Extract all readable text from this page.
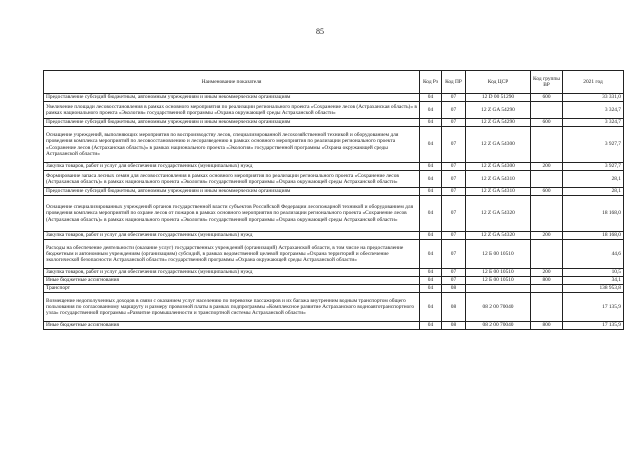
85
Наименование показателя	Код Рз	Код ПР	Код ЦСР	Код группы ВР	2021 год
Предоставление субсидий бюджетным, автономным учреждениям и иным некоммерческим организациям	04	07	12 D 00 51290	600	33 331,0
Увеличение площади лесовосстановления в рамках основного мероприятия по реализации регионального проекта «Сохранение лесов (Астраханская область)» в рамках национального проекта «Экология» государственной программы «Охрана окружающей среды Астраханской области»	04	07	12 Z GA 54290		3 324,7
Предоставление субсидий бюджетным, автономным учреждениям и иным некоммерческим организациям	04	07	12 Z GA 54290	600	3 324,7
Оснащение учреждений, выполняющих мероприятия по воспроизводству лесов, специализированной лесохозяйственной техникой и оборудованием для проведения комплекса мероприятий по лесовосстановлению и лесоразведению в рамках основного мероприятия по реализации регионального проекта «Сохранение лесов (Астраханская область)» в рамках национального проекта «Экология» государственной программы «Охрана окружающей среды Астраханской области»	04	07	12 Z GA 54300		3 927,7
Закупка товаров, работ и услуг для обеспечения государственных (муниципальных) нужд	04	07	12 Z GA 54300	200	3 927,7
Формирование запаса лесных семян для лесовосстановления в рамках основного мероприятия по реализации регионального проекта «Сохранение лесов (Астраханская область)» в рамках национального проекта «Экология» государственной программы «Охрана окружающей среды Астраханской области»	04	07	12 Z GA 54310		28,1
Предоставление субсидий бюджетным, автономным учреждениям и иным некоммерческим организациям	04	07	12 Z GA 54310	600	28,1
Оснащение специализированных учреждений органов государственной власти субъектов Российской Федерации лесопожарной техникой и оборудованием для проведения комплекса мероприятий по охране лесов от пожаров в рамках основного мероприятия по реализации регионального проекта «Сохранение лесов (Астраханская область)» в рамках национального проекта «Экология» государственной программы «Охрана окружающей среды Астраханской области»	04	07	12 Z GA 54320		18 168,0
Закупка товаров, работ и услуг для обеспечения государственных (муниципальных) нужд	04	07	12 Z GA 54320	200	18 168,0
Расходы на обеспечение деятельности (оказание услуг) государственных учреждений (организаций) Астраханской области, в том числе на предоставление бюджетным и автономным учреждениям (организациям) субсидий, в рамках ведомственной целевой программы «Охрана территорий и обеспечение экологической безопасности Астраханской области» государственной программы «Охрана окружающей среды Астраханской области»	04	07	12 Б 00 10510		44,6
Закупка товаров, работ и услуг для обеспечения государственных (муниципальных) нужд	04	07	12 Б 00 10510	200	10,5
Иные бюджетные ассигнования	04	07	12 Б 00 10510	800	34,1
Транспорт	04	08			138 953,8
Возмещение недополученных доходов в связи с оказанием услуг населению по перевозке пассажиров и их багажа внутренним водным транспортом общего пользования по согласованному маршруту и размеру провозной платы в рамках подпрограммы «Комплексное развитие Астраханского водноавтотранспортного узла» государственной программы «Развитие промышленности и транспортной системы Астраханской области»	04	08	08 2 00 70040		17 135,9
Иные бюджетные ассигнования	04	08	08 2 00 70040	800	17 135,9
